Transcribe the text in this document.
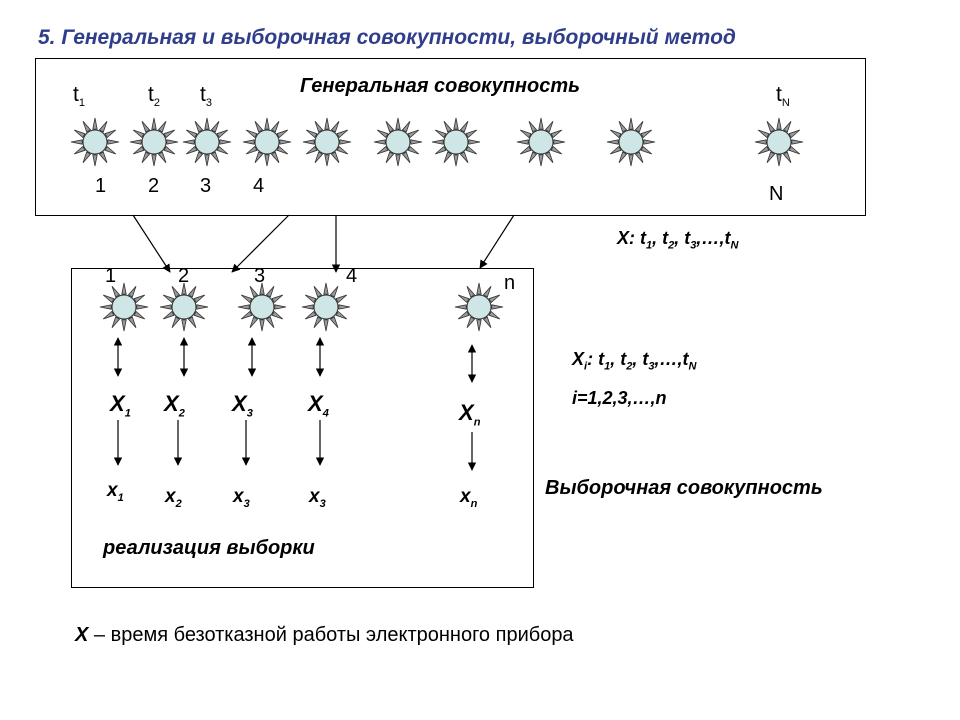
5. Генеральная и выборочная совокупности, выборочный метод
Генеральная совокупность
$t_1$	$t_2$ $t_3$	$t_N$
1 2 3 4	N
X: $t_1$, $t_2$, $t_3,\dots,t_N$
1	2	3	4	n
$X_1$ $X_2$ $X_3$	$X_4$	$X_n$
$x_1$ $x_2$	$x_3$	$x_3$	$x_n$
реализация выборки
$X_i$: $t_1$, $t_2$, $t_3,\dots,t_N$
i=1,2,3,…,n
Выборочная совокупность
X – время безотказной работы электронного прибора
